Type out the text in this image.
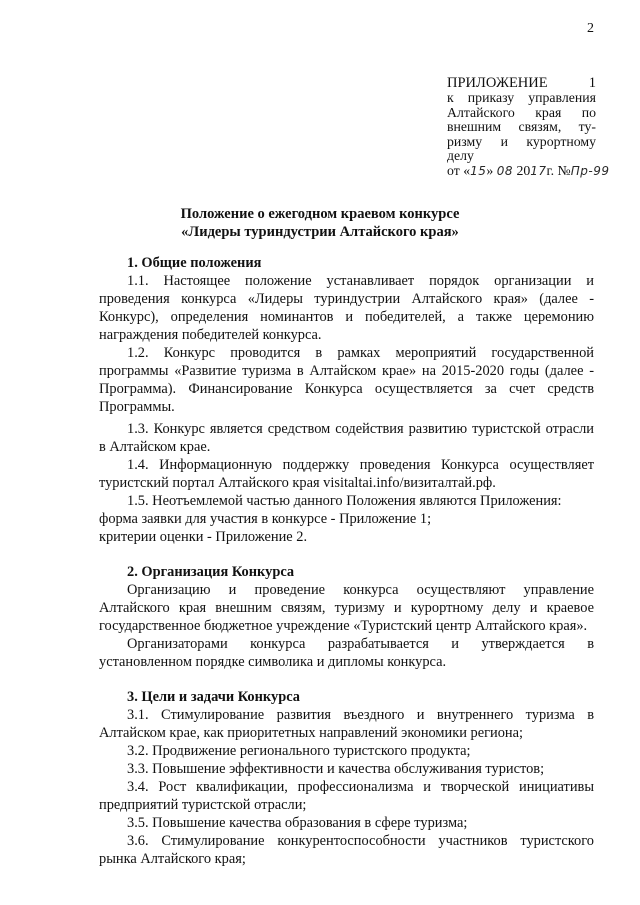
2

ПРИЛОЖЕНИЕ 1
к приказу управления
Алтайского края по
внешним связям, ту-
ризму и курортному
делу
от «15» 08 2017г. №Пр-99
Положение о ежегодном краевом конкурсе
«Лидеры туриндустрии Алтайского края»

1. Общие положения

1.1. Настоящее положение устанавливает порядок организации и проведения конкурса «Лидеры туриндустрии Алтайского края» (далее - Конкурс), определения номинантов и победителей, а также церемонию награждения победителей конкурса.

1.2. Конкурс проводится в рамках мероприятий государственной программы «Развитие туризма в Алтайском крае» на 2015-2020 годы (далее - Программа). Финансирование Конкурса осуществляется за счет средств Программы.

1.3. Конкурс является средством содействия развитию туристской отрасли в Алтайском крае.

1.4. Информационную поддержку проведения Конкурса осуществляет туристский портал Алтайского края visitaltai.info/визиталтай.рф.

1.5. Неотъемлемой частью данного Положения являются Приложения:

форма заявки для участия в конкурсе - Приложение 1;

критерии оценки - Приложение 2.

2. Организация Конкурса

Организацию и проведение конкурса осуществляют управление Алтайского края внешним связям, туризму и курортному делу и краевое государственное бюджетное учреждение «Туристский центр Алтайского края».

Организаторами конкурса разрабатывается и утверждается в установленном порядке символика и дипломы конкурса.

3. Цели и задачи Конкурса

3.1. Стимулирование развития въездного и внутреннего туризма в Алтайском крае, как приоритетных направлений экономики региона;

3.2. Продвижение регионального туристского продукта;

3.3. Повышение эффективности и качества обслуживания туристов;

3.4. Рост квалификации, профессионализма и творческой инициативы предприятий туристской отрасли;

3.5. Повышение качества образования в сфере туризма;

3.6. Стимулирование конкурентоспособности участников туристского рынка Алтайского края;
